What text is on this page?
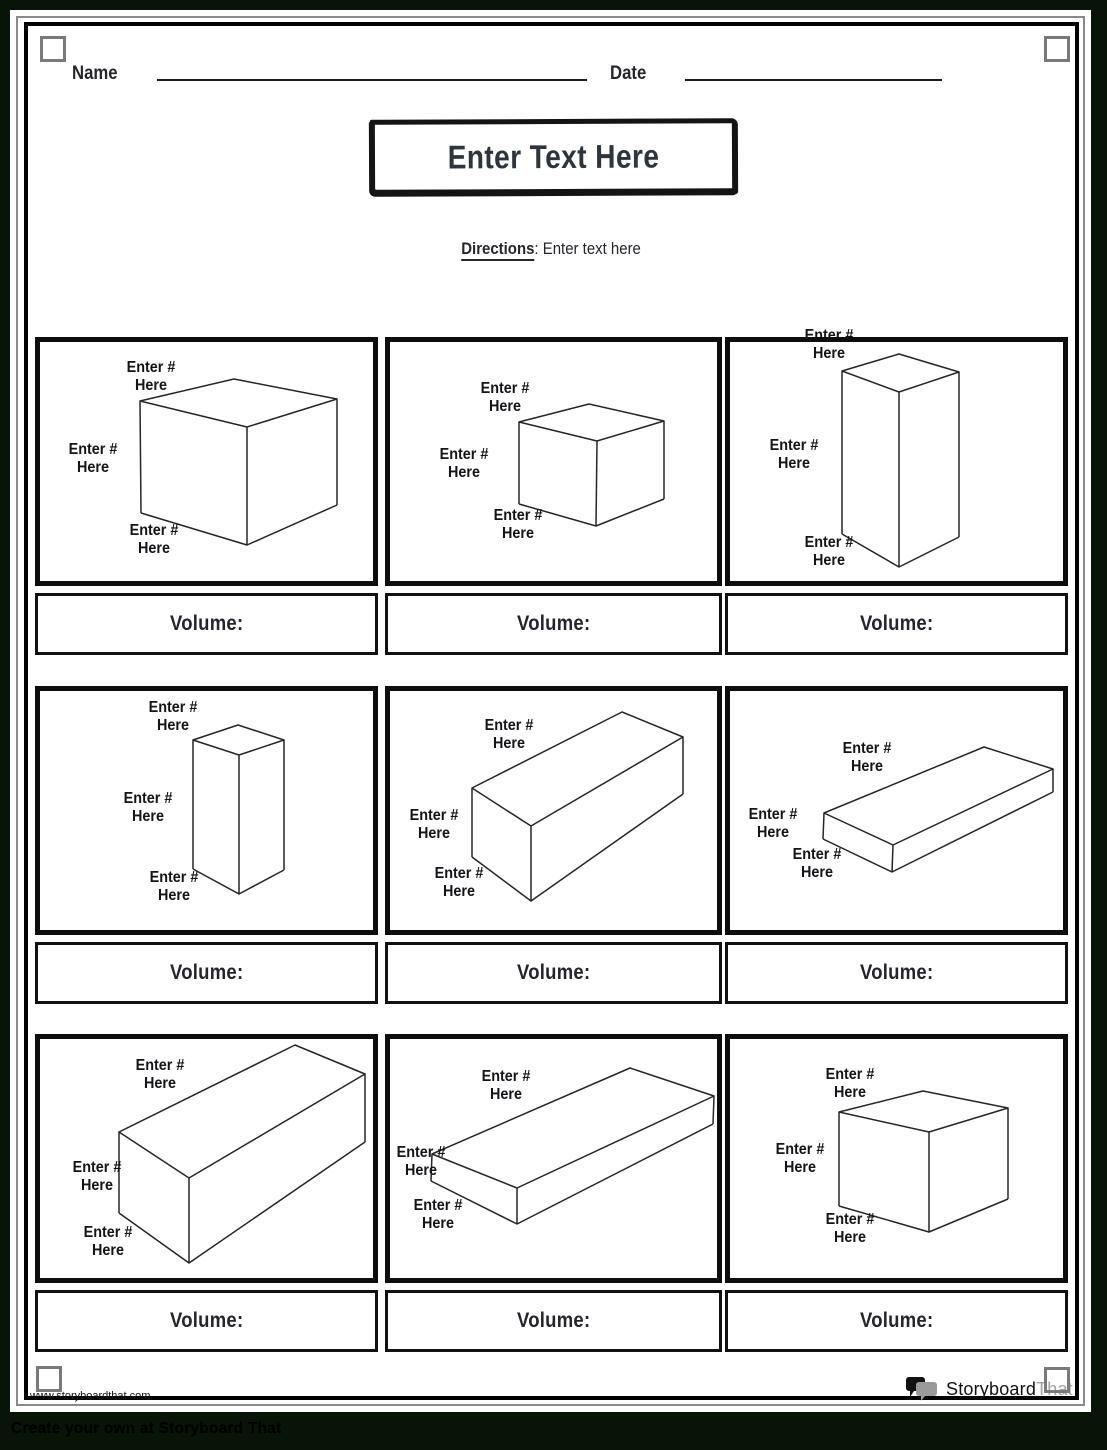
Create your own at Storyboard That
Name	Date
Enter Text Here
Directions: Enter text here
Enter # Here
Enter # Here
Enter # Here
Volume:
Enter # Here
Enter # Here
Enter # Here
Volume:
Enter # Here
Enter # Here
Enter # Here
Volume:
Enter # Here
Enter # Here
Enter # Here
Volume:
Enter # Here
Enter # Here
Enter # Here
Volume:
Enter # Here
Enter # Here
Enter # Here
Volume:
Enter # Here
Enter # Here
Enter # Here
Volume:
Enter # Here
Enter # Here
Enter # Here
Volume:
Enter # Here
Enter # Here
Enter # Here
Volume:
www.storyboardthat.com	Storyboard That
